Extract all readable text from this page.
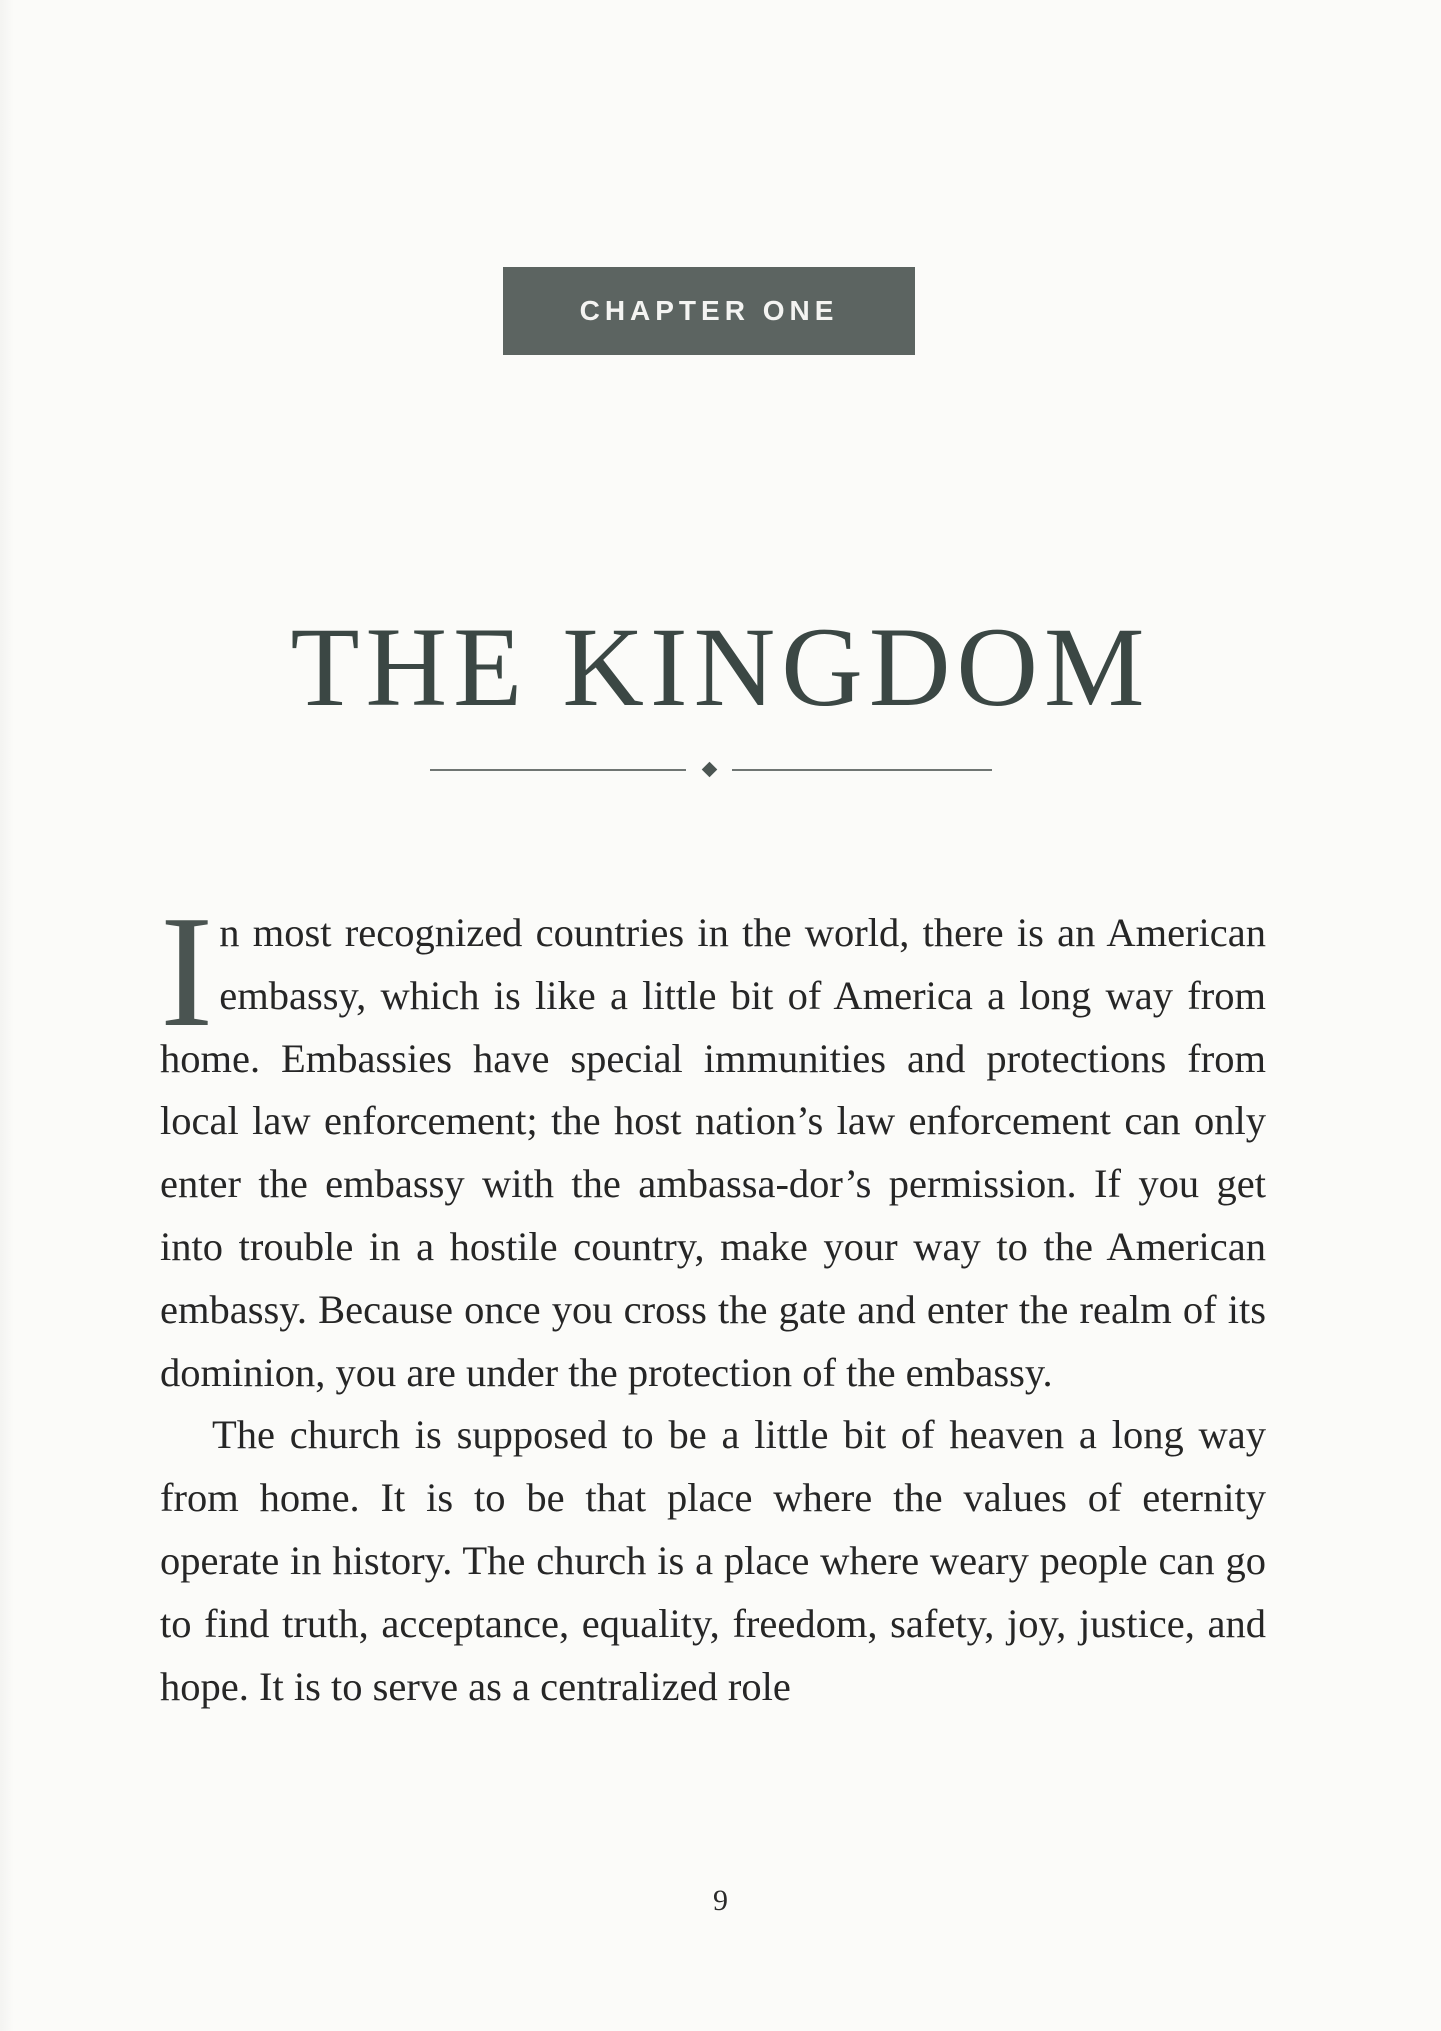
CHAPTER ONE
THE KINGDOM

In most recognized countries in the world, there is an American embassy, which is like a little bit of America a long way from home. Embassies have special immunities and protections from local law enforcement; the host nation’s law enforcement can only enter the embassy with the ambassa-dor’s permission. If you get into trouble in a hostile country, make your way to the American embassy. Because once you cross the gate and enter the realm of its dominion, you are under the protection of the embassy.

The church is supposed to be a little bit of heaven a long way from home. It is to be that place where the values of eternity operate in history. The church is a place where weary people can go to find truth, acceptance, equality, freedom, safety, joy, justice, and hope. It is to serve as a centralized role

9
